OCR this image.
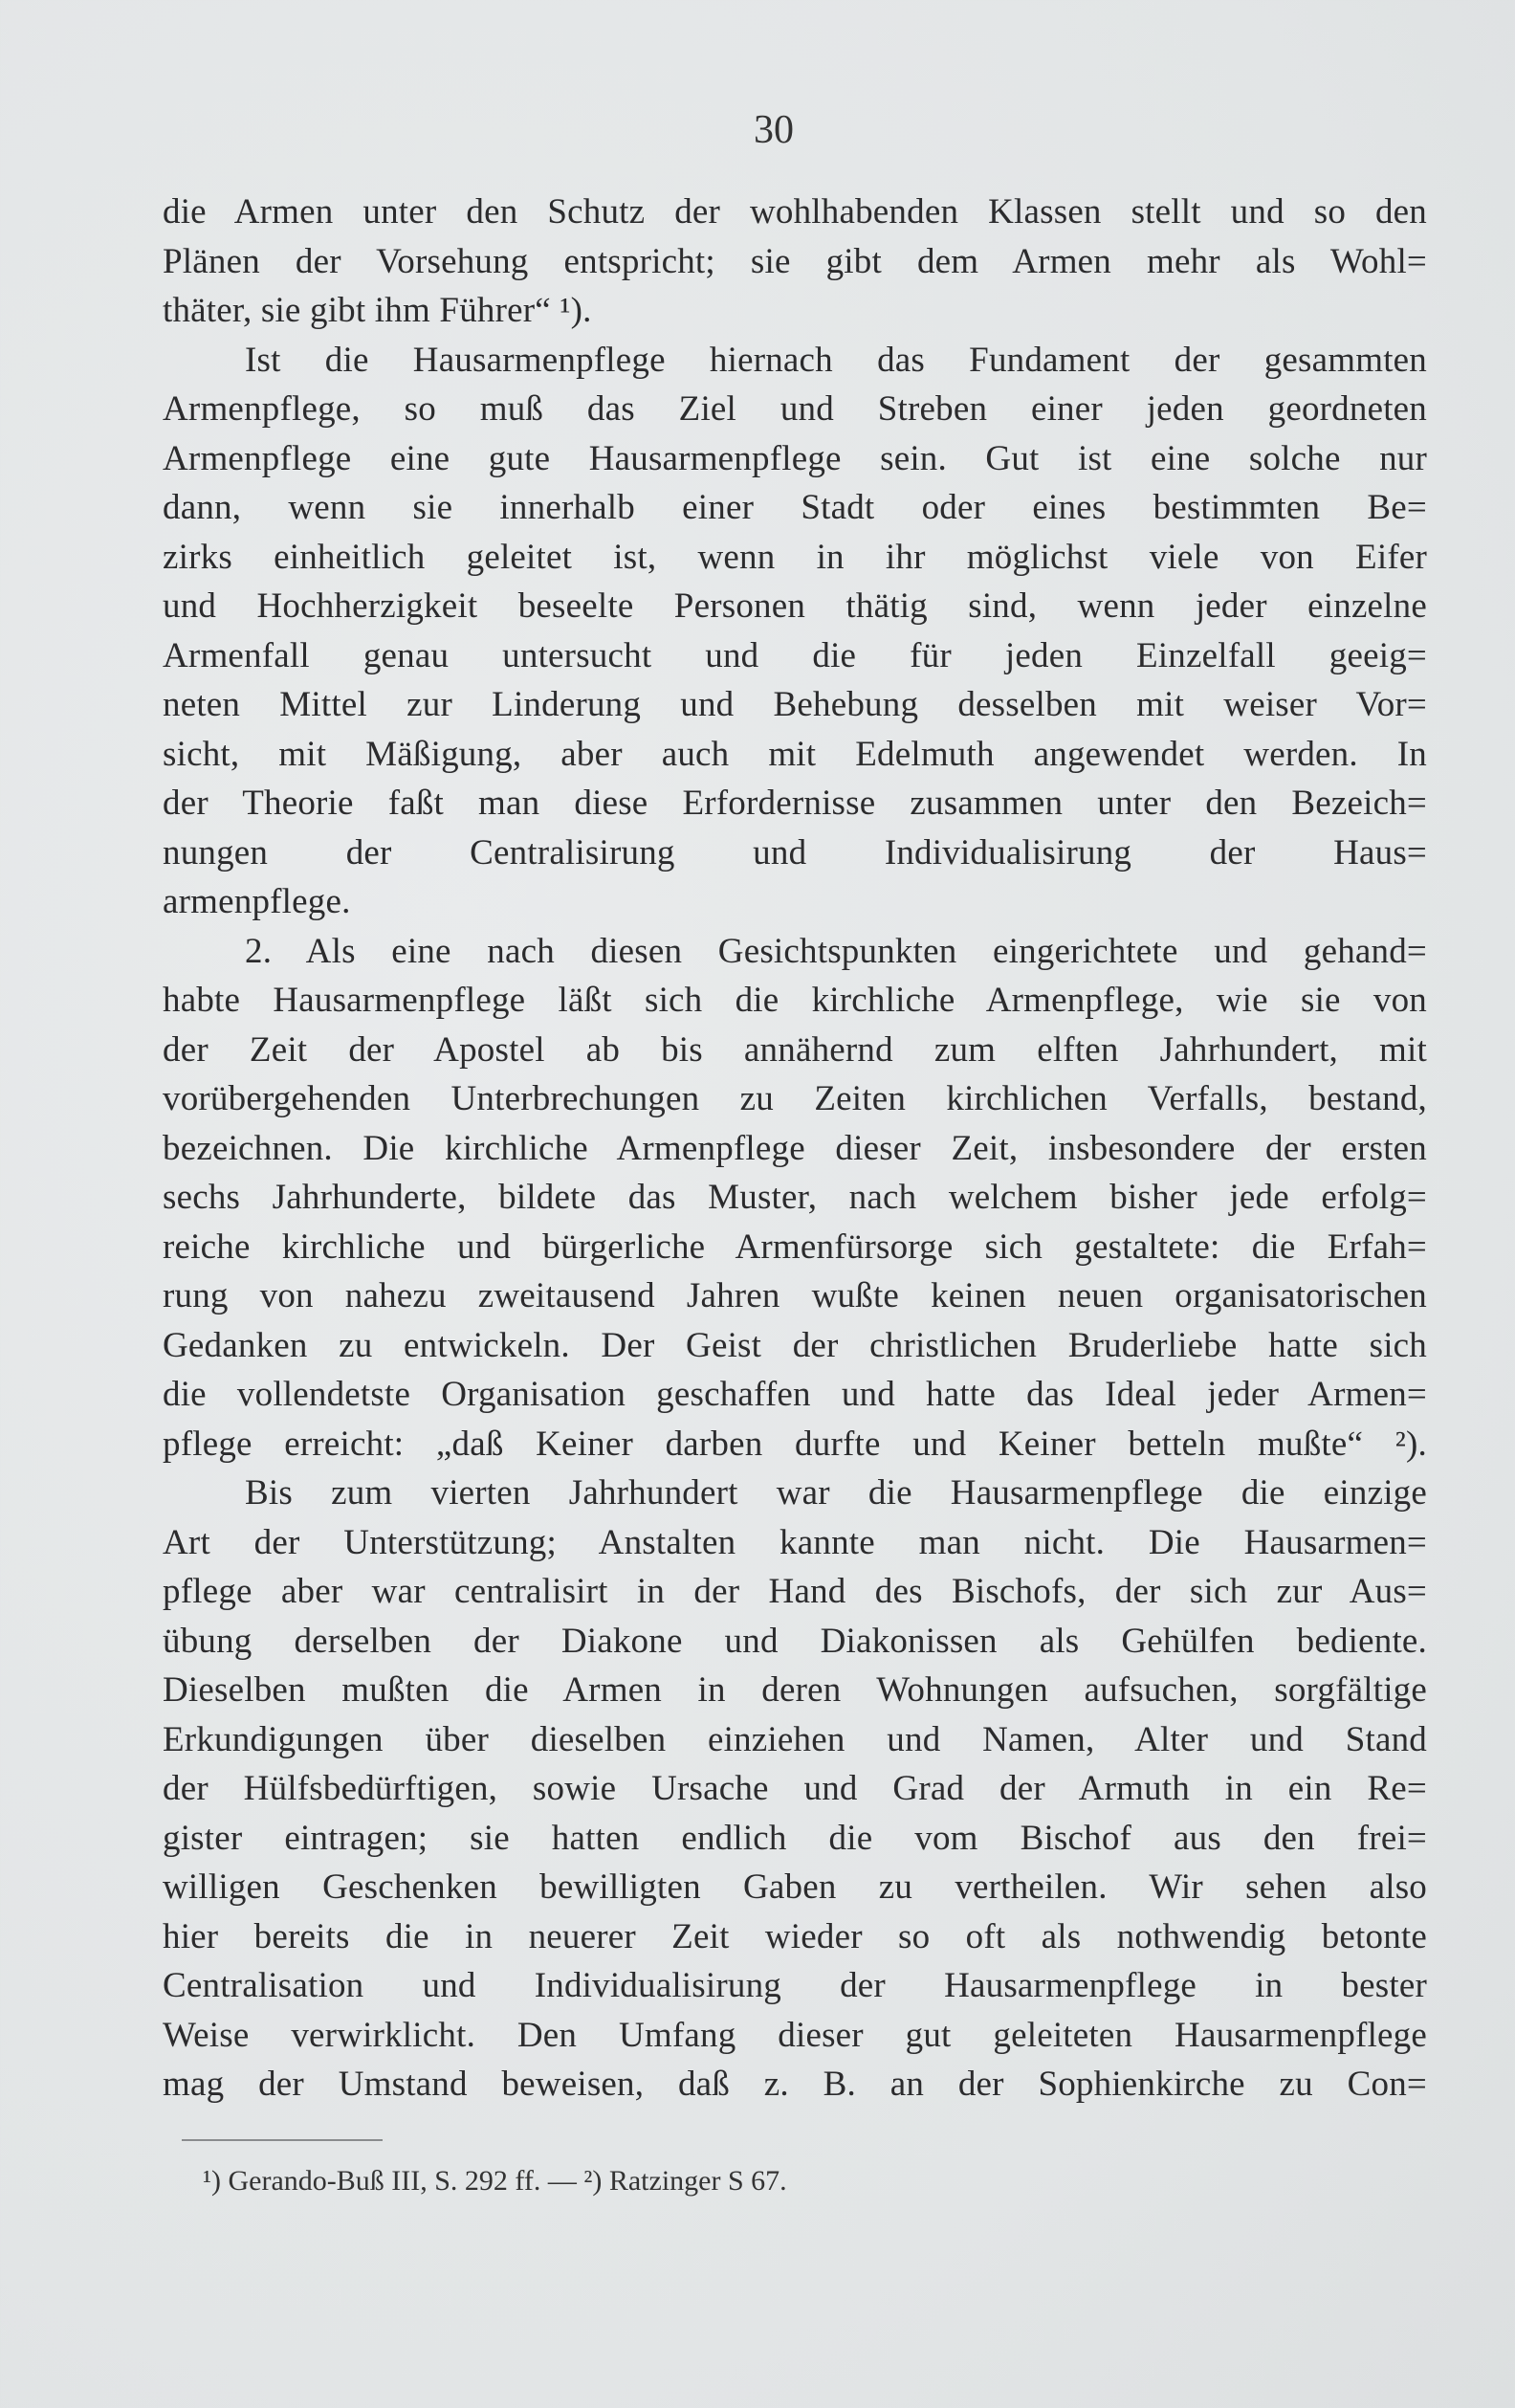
30
die Armen unter den Schutz der wohlhabenden Klassen stellt und so den
Plänen der Vorsehung entspricht; sie gibt dem Armen mehr als Wohl=
thäter, sie gibt ihm Führer“ ¹).
Ist die Hausarmenpflege hiernach das Fundament der gesammten
Armenpflege, so muß das Ziel und Streben einer jeden geordneten
Armenpflege eine gute Hausarmenpflege sein. Gut ist eine solche nur
dann, wenn sie innerhalb einer Stadt oder eines bestimmten Be=
zirks einheitlich geleitet ist, wenn in ihr möglichst viele von Eifer
und Hochherzigkeit beseelte Personen thätig sind, wenn jeder einzelne
Armenfall genau untersucht und die für jeden Einzelfall geeig=
neten Mittel zur Linderung und Behebung desselben mit weiser Vor=
sicht, mit Mäßigung, aber auch mit Edelmuth angewendet werden. In
der Theorie faßt man diese Erfordernisse zusammen unter den Bezeich=
nungen der Centralisirung und Individualisirung der Haus=
armenpflege.
2. Als eine nach diesen Gesichtspunkten eingerichtete und gehand=
habte Hausarmenpflege läßt sich die kirchliche Armenpflege, wie sie von
der Zeit der Apostel ab bis annähernd zum elften Jahrhundert, mit
vorübergehenden Unterbrechungen zu Zeiten kirchlichen Verfalls, bestand,
bezeichnen. Die kirchliche Armenpflege dieser Zeit, insbesondere der ersten
sechs Jahrhunderte, bildete das Muster, nach welchem bisher jede erfolg=
reiche kirchliche und bürgerliche Armenfürsorge sich gestaltete: die Erfah=
rung von nahezu zweitausend Jahren wußte keinen neuen organisatorischen
Gedanken zu entwickeln. Der Geist der christlichen Bruderliebe hatte sich
die vollendetste Organisation geschaffen und hatte das Ideal jeder Armen=
pflege erreicht: „daß Keiner darben durfte und Keiner betteln mußte“ ²).
Bis zum vierten Jahrhundert war die Hausarmenpflege die einzige
Art der Unterstützung; Anstalten kannte man nicht. Die Hausarmen=
pflege aber war centralisirt in der Hand des Bischofs, der sich zur Aus=
übung derselben der Diakone und Diakonissen als Gehülfen bediente.
Dieselben mußten die Armen in deren Wohnungen aufsuchen, sorgfältige
Erkundigungen über dieselben einziehen und Namen, Alter und Stand
der Hülfsbedürftigen, sowie Ursache und Grad der Armuth in ein Re=
gister eintragen; sie hatten endlich die vom Bischof aus den frei=
willigen Geschenken bewilligten Gaben zu vertheilen. Wir sehen also
hier bereits die in neuerer Zeit wieder so oft als nothwendig betonte
Centralisation und Individualisirung der Hausarmenpflege in bester
Weise verwirklicht. Den Umfang dieser gut geleiteten Hausarmenpflege
mag der Umstand beweisen, daß z. B. an der Sophienkirche zu Con=
¹) Gerando-Buß III, S. 292 ff. — ²) Ratzinger S 67.
